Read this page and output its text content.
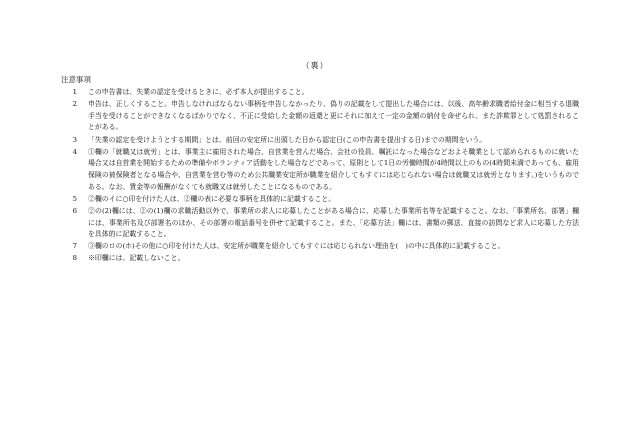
（裏）
注意事項
1 この申告書は、失業の認定を受けるときに、必ず本人が提出すること。
2 申告は、正しくすること。申告しなければならない事柄を申告しなかったり、偽りの記載をして提出した場合には、以後、高年齢求職者給付金に相当する退職手当を受けることができなくなるばかりでなく、不正に受給した金額の返還と更にそれに加えて一定の金額の納付を命ぜられ、また詐欺罪として処罰されることがある。
3 「失業の認定を受けようとする期間」とは、前回の安定所に出頭した日から認定日(この申告書を提出する日)までの期間をいう。
4 ①欄の「就職又は就労」とは、事業主に雇用された場合、自営業を営んだ場合、会社の役員、嘱託になった場合などおよそ職業として認められるものに就いた場合又は自営業を開始するための準備やボランティア活動をした場合などであって、原則として1日の労働時間が4時間以上のもの(4時間未満であっても、雇用保険の被保険者となる場合や、自営業を営む等のため公共職業安定所が職業を紹介してもすぐには応じられない場合は就職又は就労となります。)をいうものである。なお、賃金等の報酬がなくても就職又は就労したことになるものである。
5 ②欄のイに○印を付けた人は、②欄の表に必要な事柄を具体的に記載すること。
6 ②の(2)欄には、②の(1)欄の求職活動以外で、事業所の求人に応募したことがある場合に、応募した事業所名等を記載すること。なお、「事業所名、部署」欄には、事業所名及び部署名のほか、その部署の電話番号を併せて記載すること。また、「応募方法」欄には、書類の郵送、直接の訪問など求人に応募した方法を具体的に記載すること。
7 ③欄のロの(ホ)その他に○印を付けた人は、安定所が職業を紹介してもすぐには応じられない理由を(　)の中に具体的に記載すること。
8 ※印欄には、記載しないこと。
